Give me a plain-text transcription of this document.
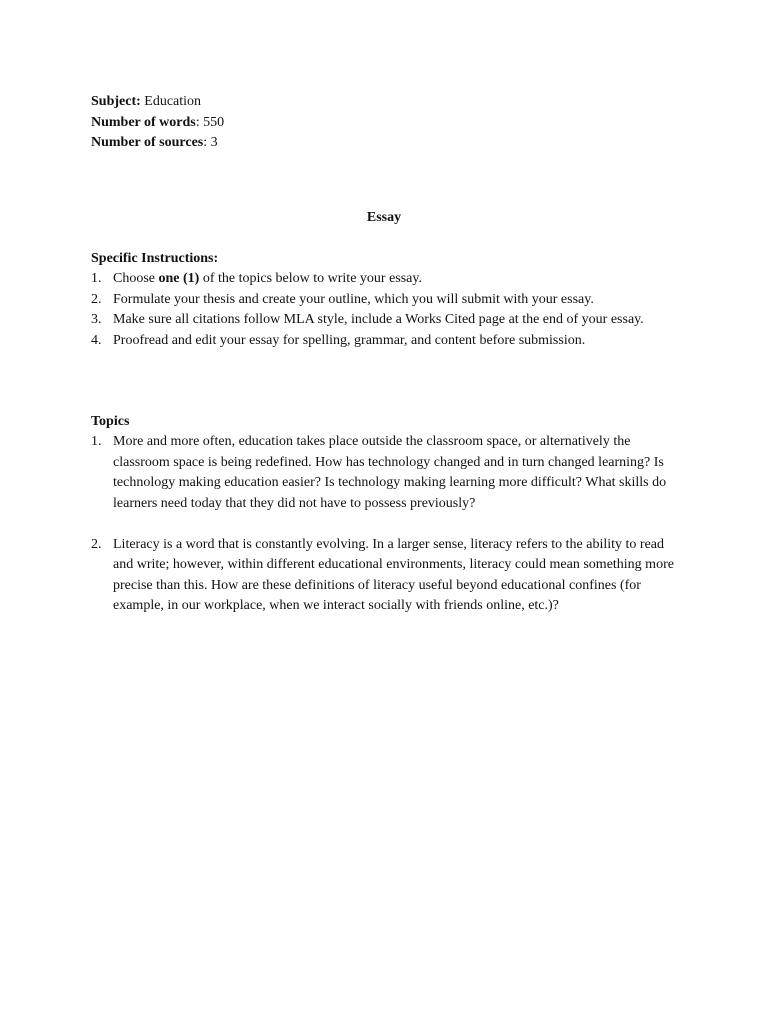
Subject: Education
Number of words: 550
Number of sources: 3
Essay
Specific Instructions:
1. Choose one (1) of the topics below to write your essay.
2. Formulate your thesis and create your outline, which you will submit with your essay.
3. Make sure all citations follow MLA style, include a Works Cited page at the end of your essay.
4. Proofread and edit your essay for spelling, grammar, and content before submission.
Topics
1. More and more often, education takes place outside the classroom space, or alternatively the classroom space is being redefined. How has technology changed and in turn changed learning? Is technology making education easier? Is technology making learning more difficult? What skills do learners need today that they did not have to possess previously?
2. Literacy is a word that is constantly evolving. In a larger sense, literacy refers to the ability to read and write; however, within different educational environments, literacy could mean something more precise than this. How are these definitions of literacy useful beyond educational confines (for example, in our workplace, when we interact socially with friends online, etc.)?
